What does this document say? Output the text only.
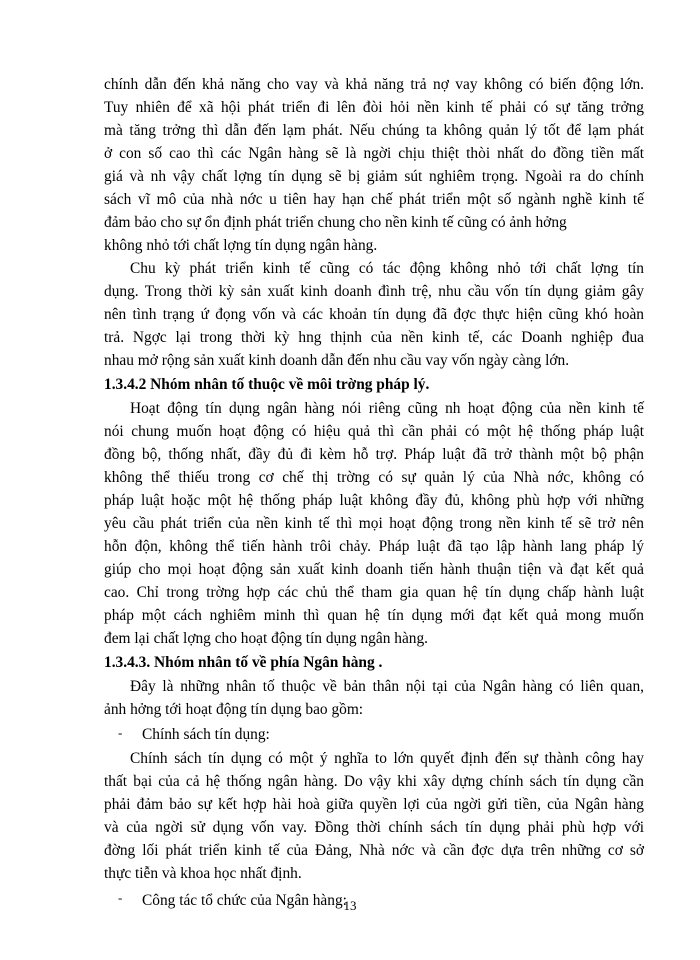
chính dẫn đến khả năng cho vay và khả năng trả nợ vay không có biến động lớn.
Tuy nhiên để xã hội phát triển đi lên đòi hỏi nền kinh tế phải có sự tăng trởng
mà tăng trởng thì dẫn đến lạm phát. Nếu chúng ta không quản lý tốt để lạm phát
ở con số cao thì các Ngân hàng sẽ là ngời chịu thiệt thòi nhất do đồng tiền mất
giá và nh vậy chất lợng tín dụng sẽ bị giảm sút nghiêm trọng. Ngoài ra do chính
sách vĩ mô của nhà nớc u tiên hay hạn chế phát triển một số ngành nghề kinh tế
đảm bảo cho sự ổn định phát triển chung cho nền kinh tế cũng có ảnh hởng
không nhỏ tới chất lợng tín dụng ngân hàng.
Chu kỳ phát triển kinh tế cũng có tác động không nhỏ tới chất lợng tín
dụng. Trong thời kỳ sản xuất kinh doanh đình trệ, nhu cầu vốn tín dụng giảm gây
nên tình trạng ứ đọng vốn và các khoản tín dụng đã đợc thực hiện cũng khó hoàn
trả. Ngợc lại trong thời kỳ hng thịnh của nền kinh tế, các Doanh nghiệp đua
nhau mở rộng sản xuất kinh doanh dẫn đến nhu cầu vay vốn ngày càng lớn.
1.3.4.2 Nhóm nhân tố thuộc về môi trờng pháp lý.
Hoạt động tín dụng ngân hàng nói riêng cũng nh hoạt động của nền kinh tế
nói chung muốn hoạt động có hiệu quả thì cần phải có một hệ thống pháp luật
đồng bộ, thống nhất, đầy đủ đi kèm hỗ trợ. Pháp luật đã trở thành một bộ phận
không thể thiếu trong cơ chế thị trờng có sự quản lý của Nhà nớc, không có
pháp luật hoặc một hệ thống pháp luật không đầy đủ, không phù hợp với những
yêu cầu phát triển của nền kinh tế thì mọi hoạt động trong nền kinh tế sẽ trở nên
hỗn độn, không thể tiến hành trôi chảy. Pháp luật đã tạo lập hành lang pháp lý
giúp cho mọi hoạt động sản xuất kinh doanh tiến hành thuận tiện và đạt kết quả
cao. Chỉ trong trờng hợp các chủ thể tham gia quan hệ tín dụng chấp hành luật
pháp một cách nghiêm minh thì quan hệ tín dụng mới đạt kết quả mong muốn
đem lại chất lợng cho hoạt động tín dụng ngân hàng.
1.3.4.3. Nhóm nhân tố về phía Ngân hàng .
Đây là những nhân tố thuộc về bản thân nội tại của Ngân hàng có liên quan,
ảnh hởng tới hoạt động tín dụng bao gồm:
- Chính sách tín dụng:
Chính sách tín dụng có một ý nghĩa to lớn quyết định đến sự thành công hay
thất bại của cả hệ thống ngân hàng. Do vậy khi xây dựng chính sách tín dụng cần
phải đảm bảo sự kết hợp hài hoà giữa quyền lợi của ngời gửi tiền, của Ngân hàng
và của ngời sử dụng vốn vay. Đồng thời chính sách tín dụng phải phù hợp với
đờng lối phát triển kinh tế của Đảng, Nhà nớc và cần đợc dựa trên những cơ sở
thực tiễn và khoa học nhất định.
- Công tác tổ chức của Ngân hàng:
13
